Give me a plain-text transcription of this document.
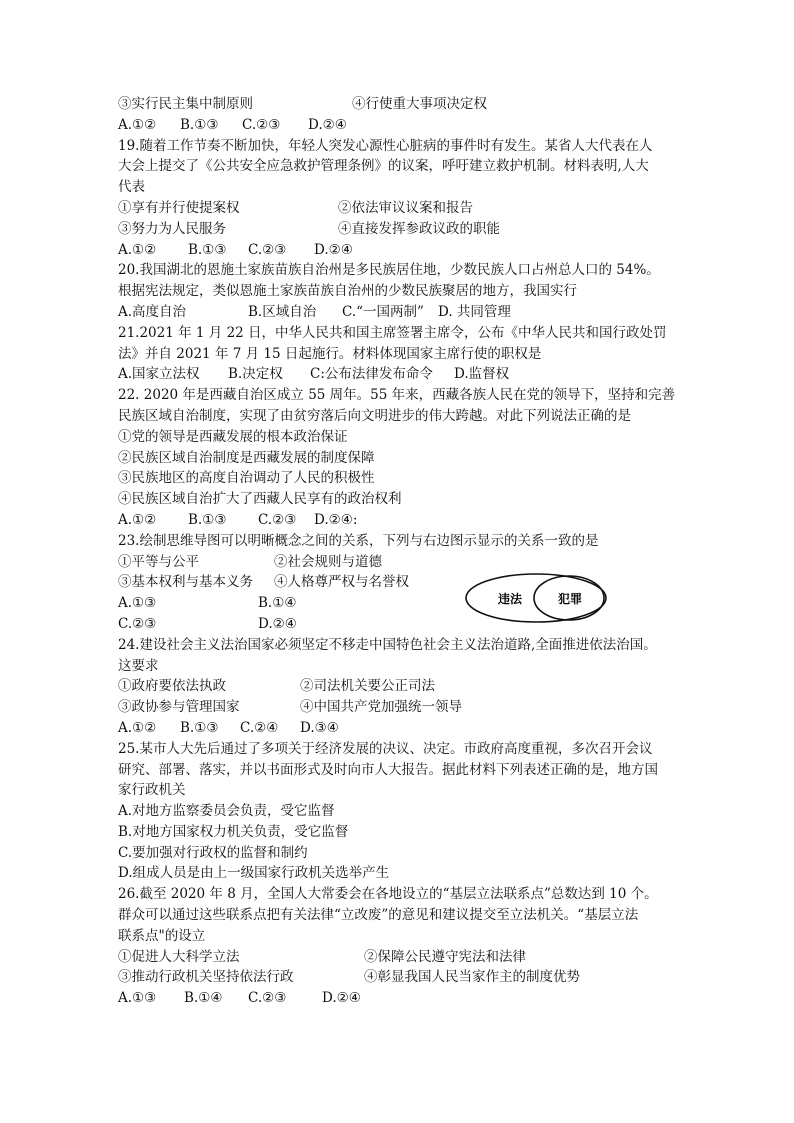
③实行民主集中制原则	④行使重大事项决定权
A.①② B.①③ C.②③ D.②④
19.随着工作节奏不断加快，年轻人突发心源性心脏病的事件时有发生。某省人大代表在人
大会上提交了《公共安全应急救护管理条例》的议案，呼吁建立救护机制。材料表明,人大
代表
①享有并行使提案权	②依法审议议案和报告
③努力为人民服务	④直接发挥参政议政的职能
A.①② B.①③ C.②③ D.②④
20.我国湖北的恩施土家族苗族自治州是多民族居住地，少数民族人口占州总人口的 54%。
根据宪法规定，类似恩施土家族苗族自治州的少数民族聚居的地方，我国实行
A.高度自治	B.区域自治 C.“一国两制” D. 共同管理
21.2021 年 1 月 22 日，中华人民共和国主席签署主席令，公布《中华人民共和国行政处罚
法》并自 2021 年 7 月 15 日起施行。材料体现国家主席行使的职权是
A.国家立法权 B.决定权 C:公布法律发布命令 D.监督权
22. 2020 年是西藏自治区成立 55 周年。55 年来，西藏各族人民在党的领导下，坚持和完善
民族区域自治制度，实现了由贫穷落后向文明进步的伟大跨越。对此下列说法正确的是
①党的领导是西藏发展的根本政治保证
②民族区域自治制度是西藏发展的制度保障
③民族地区的高度自治调动了人民的积极性
④民族区域自治扩大了西藏人民享有的政治权利
A.①② B.①③ C.②③ D.②④:
23.绘制思维导图可以明晰概念之间的关系，下列与右边图示显示的关系一致的是
①平等与公平	②社会规则与道德
③基本权利与基本义务 ④人格尊严权与名誉权
A.①③	B.①④
C.②③	D.②④
24.建设社会主义法治国家必须坚定不移走中国特色社会主义法治道路,全面推进依法治国。
这要求
①政府要依法执政	②司法机关要公正司法
③政协参与管理国家	④中国共产党加强统一领导
A.①② B.①③ C.②④ D.③④
25.某市人大先后通过了多项关于经济发展的决议、决定。市政府高度重视，多次召开会议
研究、部署、落实，并以书面形式及时向市人大报告。据此材料下列表述正确的是，地方国
家行政机关
A.对地方监察委员会负责，受它监督
B.对地方国家权力机关负责，受它监督
C.要加强对行政权的监督和制约
D.组成人员是由上一级国家行政机关选举产生
26.截至 2020 年 8 月，全国人大常委会在各地设立的“基层立法联系点”总数达到 10 个。
群众可以通过这些联系点把有关法律“立改废”的意见和建议提交至立法机关。“基层立法
联系点"的设立
①促进人大科学立法	②保障公民遵守宪法和法律
③推动行政机关坚持依法行政	④彰显我国人民当家作主的制度优势
A.①③ B.①④ C.②③	D.②④
违法	犯罪
